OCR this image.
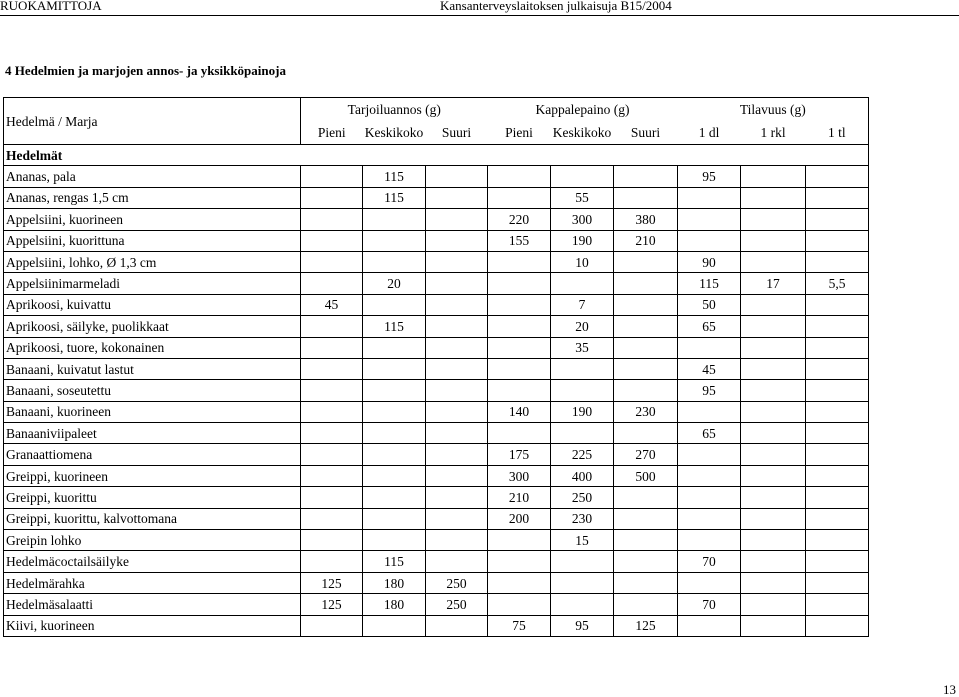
RUOKAMITTOJA	Kansanterveyslaitoksen julkaisuja B15/2004
4 Hedelmien ja marjojen annos- ja yksikköpainoja
Hedelmä / Marja	Tarjoiluannos (g)			Kappalepaino (g)			Tilavuus (g)		
	Pieni	Keskikoko	Suuri	Pieni	Keskikoko	Suuri	1 dl	1 rkl	1 tl
Hedelmät									
Ananas, pala		115					95		
Ananas, rengas 1,5 cm		115			55				
Appelsiini, kuorineen				220	300	380			
Appelsiini, kuorittuna				155	190	210			
Appelsiini, lohko, Ø 1,3 cm					10		90		
Appelsiinimarmeladi		20					115	17	5,5
Aprikoosi, kuivattu	45				7		50		
Aprikoosi, säilyke, puolikkaat		115			20		65		
Aprikoosi, tuore, kokonainen					35				
Banaani, kuivatut lastut							45		
Banaani, soseutettu							95		
Banaani, kuorineen				140	190	230			
Banaaniviipaleet							65		
Granaattiomena				175	225	270			
Greippi, kuorineen				300	400	500			
Greippi, kuorittu				210	250				
Greippi, kuorittu, kalvottomana				200	230				
Greipin lohko					15				
Hedelmäcoctailsäilyke		115					70		
Hedelmärahka	125	180	250						
Hedelmäsalaatti	125	180	250				70		
Kiivi, kuorineen				75	95	125			
13
